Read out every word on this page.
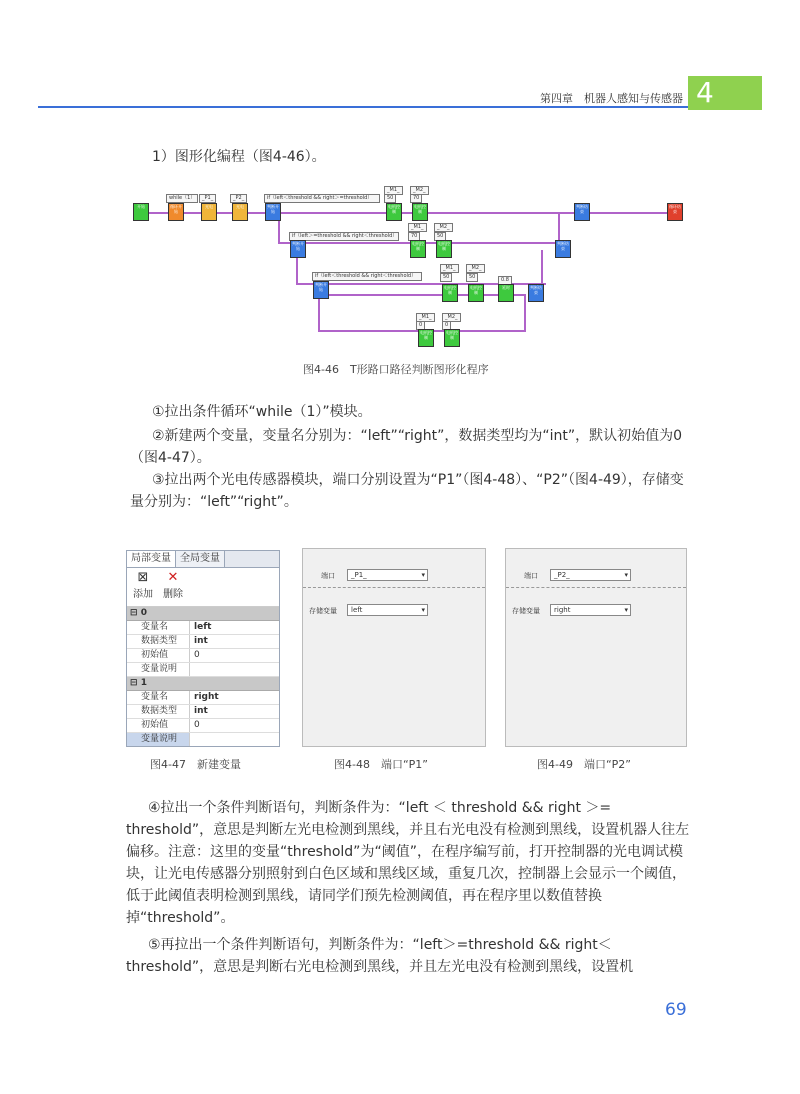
第四章　机器人感知与传感器 4

1）图形化编程（图4-46）。

开始
while（1）
循环开始
_P1_
光电
_P2_
光电
if（left＜threshold && right＞=threshold）
判断开始
_M1_
50
电机控制
_M2_
70
电机控制
判断结束
循环结束
if（left＞=threshold && right＜threshold）
判断开始
_M1_
70
电机控制
_M2_
50
电机控制
判断结束
if（left＜threshold && right＜threshold）
判断开始
_M1_
50
电机控制
_M2_
50
电机控制
0.8
延时	判断结束
_M1_
0
电机控制
_M2_
0
电机控制
图4-46　T形路口路径判断图形化程序

①拉出条件循环“while（1）”模块。

②新建两个变量，变量名分别为：“left”“right”，数据类型均为“int”，默认初始值为0（图4-47）。

③拉出两个光电传感器模块，端口分别设置为“P1”（图4-48）、“P2”（图4-49），存储变量分别为：“left”“right”。

局部变量 全局变量
⊠
添加
✕
删除
⊟ 0
变量名	left
数据类型	int
初始值	0
变量说明
⊟ 1
变量名	right
数据类型	int
初始值	0
变量说明
端口	_P1_ ▾
存储变量	left ▾
端口	_P2_ ▾
存储变量	right ▾
图4-47　新建变量	图4-48　端口“P1”	图4-49　端口“P2”

④拉出一个条件判断语句，判断条件为：“left ＜ threshold && right ＞= threshold”，意思是判断左光电检测到黑线，并且右光电没有检测到黑线，设置机器人往左偏移。注意：这里的变量“threshold”为“阈值”，在程序编写前，打开控制器的光电调试模块，让光电传感器分别照射到白色区域和黑线区域，重复几次，控制器上会显示一个阈值，低于此阈值表明检测到黑线，请同学们预先检测阈值，再在程序里以数值替换掉“threshold”。

⑤再拉出一个条件判断语句，判断条件为：“left＞=threshold && right＜threshold”，意思是判断右光电检测到黑线，并且左光电没有检测到黑线，设置机

69
